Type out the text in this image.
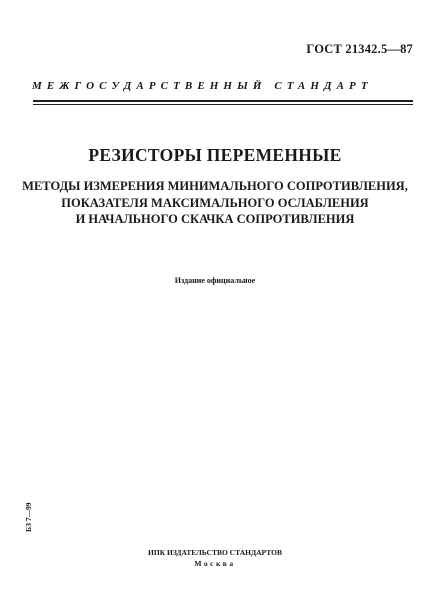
ГОСТ 21342.5—87
МЕЖГОСУДАРСТВЕННЫЙ СТАНДАРТ
РЕЗИСТОРЫ ПЕРЕМЕННЫЕ
МЕТОДЫ ИЗМЕРЕНИЯ МИНИМАЛЬНОГО СОПРОТИВЛЕНИЯ,
ПОКАЗАТЕЛЯ МАКСИМАЛЬНОГО ОСЛАБЛЕНИЯ
И НАЧАЛЬНОГО СКАЧКА СОПРОТИВЛЕНИЯ
Издание официальное
БЗ 7—99
ИПК ИЗДАТЕЛЬСТВО СТАНДАРТОВ
Москва
